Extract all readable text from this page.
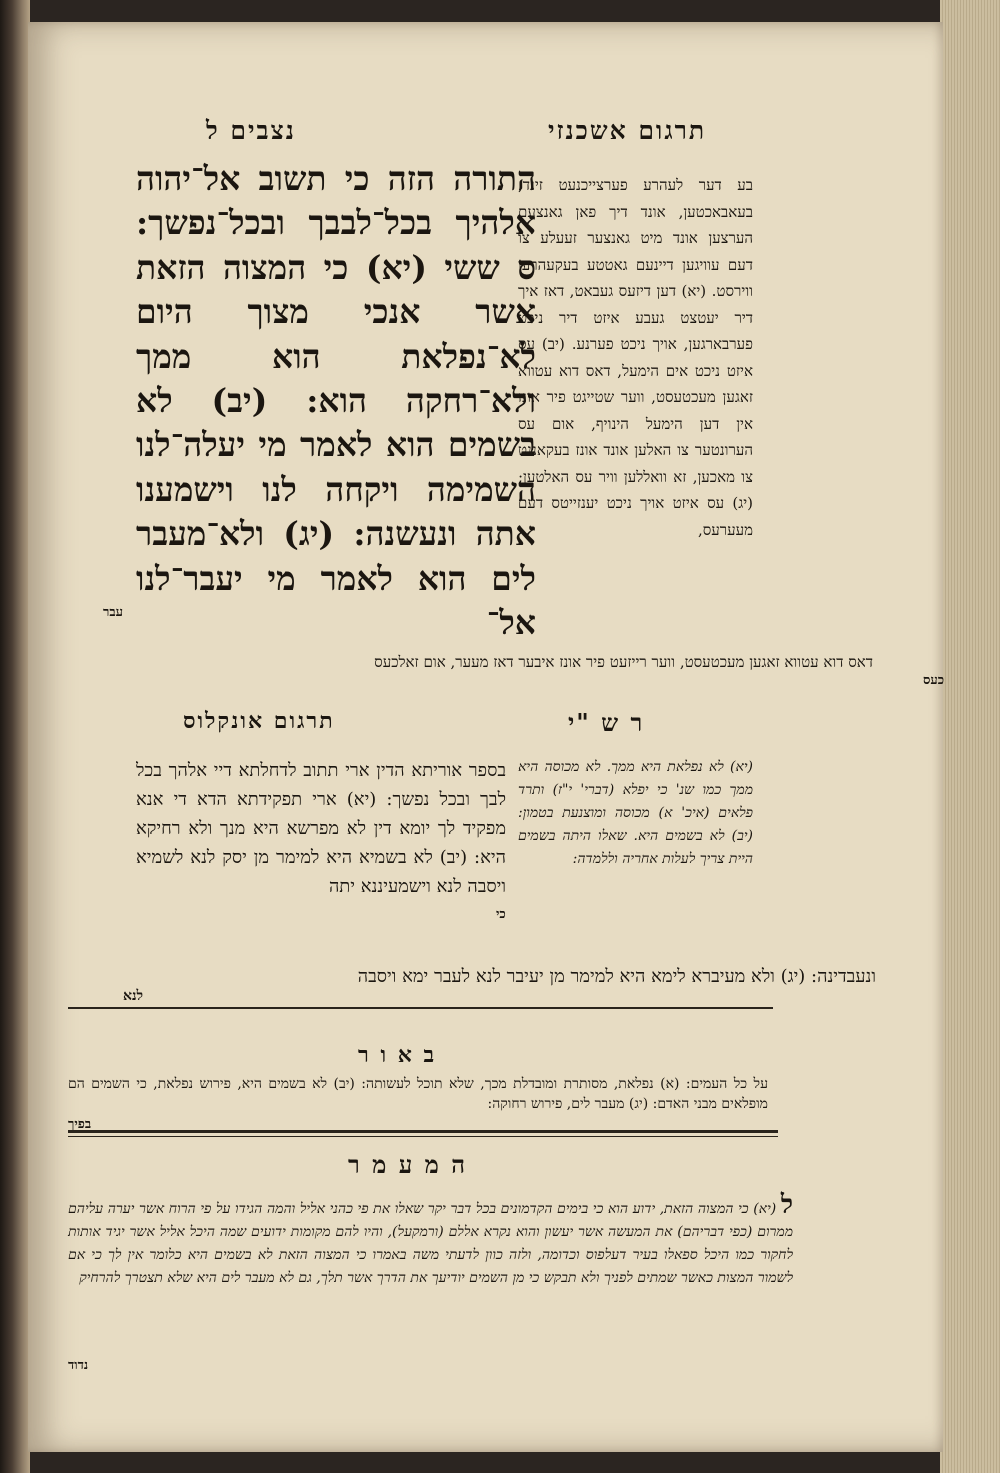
תרגום אשכנזי
נצבים ל
התורה הזה כי תשוב אל־יהוה אלהיך בכל־לבבך ובכל־נפשך: ס ששי (יא) כי המצוה הזאת אשר אנכי מצוך היום לא־נפלאת הוא ממך ולא־רחקה הוא: (יב) לא בשמים הוא לאמר מי יעלה־לנו השמימה ויקחה לנו וישמענו אתה ונעשנה: (יג) ולא־מעבר לים הוא לאמר מי יעבר־לנו אל־
עבר
בע דער לעהרע פערצייכנעט זינד, בעאבאכטען, אונד דיך פאן גאנצעם הערצען אונד מיט גאנצער זעעלע צו דעם עוויגען דיינעם גאטטע בעקעהרען ווירסט. (יא) דען דיזעס געבאט, דאז איך דיר יעטצט געבע איזט דיר ניכט פערבארגען, אויך ניכט פערנע. (יב) עס איזט ניכט אים הימעל, דאס דוא עטווא זאגען מעכטעסט, ווער שטייגט פיר אונז אין דען הימעל הינויף, אום עס הערונטער צו האלען אונד אונז בעקאננט צו מאכען, זא וואללען וויר עס האלטען; (יג) עס איזט אויך ניכט יענזייטס דעם מעערעס,
דאס דוא עטווא זאגען מעכטעסט, ווער רייזעט פיר אונז איבער דאז מעער, אום זאלכעס
כעס
ר ש "י
תרגום אונקלוס
בספר אוריתא הדין ארי תתוב לדחלתא דיי אלהך בכל לבך ובכל נפשך: (יא) ארי תפקידתא הדא די אנא מפקיד לך יומא דין לא מפרשא היא מנך ולא רחיקא היא: (יב) לא בשמיא היא למימר מן יסק לנא לשמיא ויסבה לנא וישמעיננא יתה
ונעבדינה: (יג) ולא מעיברא לימא היא למימר מן יעיבר לנא לעבר ימא ויסבה
לנא
(יא) לא נפלאת היא ממך. לא מכוסה היא ממך כמו שנ' כי יפלא (דברי' י"ז) ותרד פלאים (איכ' א) מכוסה ומוצנעת בטמון: (יב) לא בשמים היא. שאלו היתה בשמים היית צריך לעלות אחריה וללמדה:
כי
ב א ו ר
על כל העמים: (א) נפלאת, מסותרת ומובדלת מכך, שלא תוכל לעשותה: (יב) לא בשמים היא, פירוש נפלאת, כי השמים הם מופלאים מבני האדם: (יג) מעבר לים, פירוש רחוקה:
בפיך
ה מ ע מ ר
ל (יא) כי המצוה הזאת, ידוע הוא כי בימים הקדמונים בכל דבר יקר שאלו את פי כהני אליל והמה הגידו על פי הרוח אשר יערה עליהם ממרום (כפי דבריהם) את המעשה אשר יעשון והוא נקרא אללם (ורמקעל), והיו להם מקומות ידועים שמה היכל אליל אשר יגיד אותות לחקור כמו היכל ספאלו בעיר דעלפוס וכדומה, ולזה כוון לדעתי משה באמרו כי המצוה הזאת לא בשמים היא כלומר אין לך כי אם לשמור המצות כאשר שמתים לפניך ולא תבקש כי מן השמים יודיעך את הדרך אשר תלך, גם לא מעבר לים היא שלא תצטרך להרחיק
נדוד
